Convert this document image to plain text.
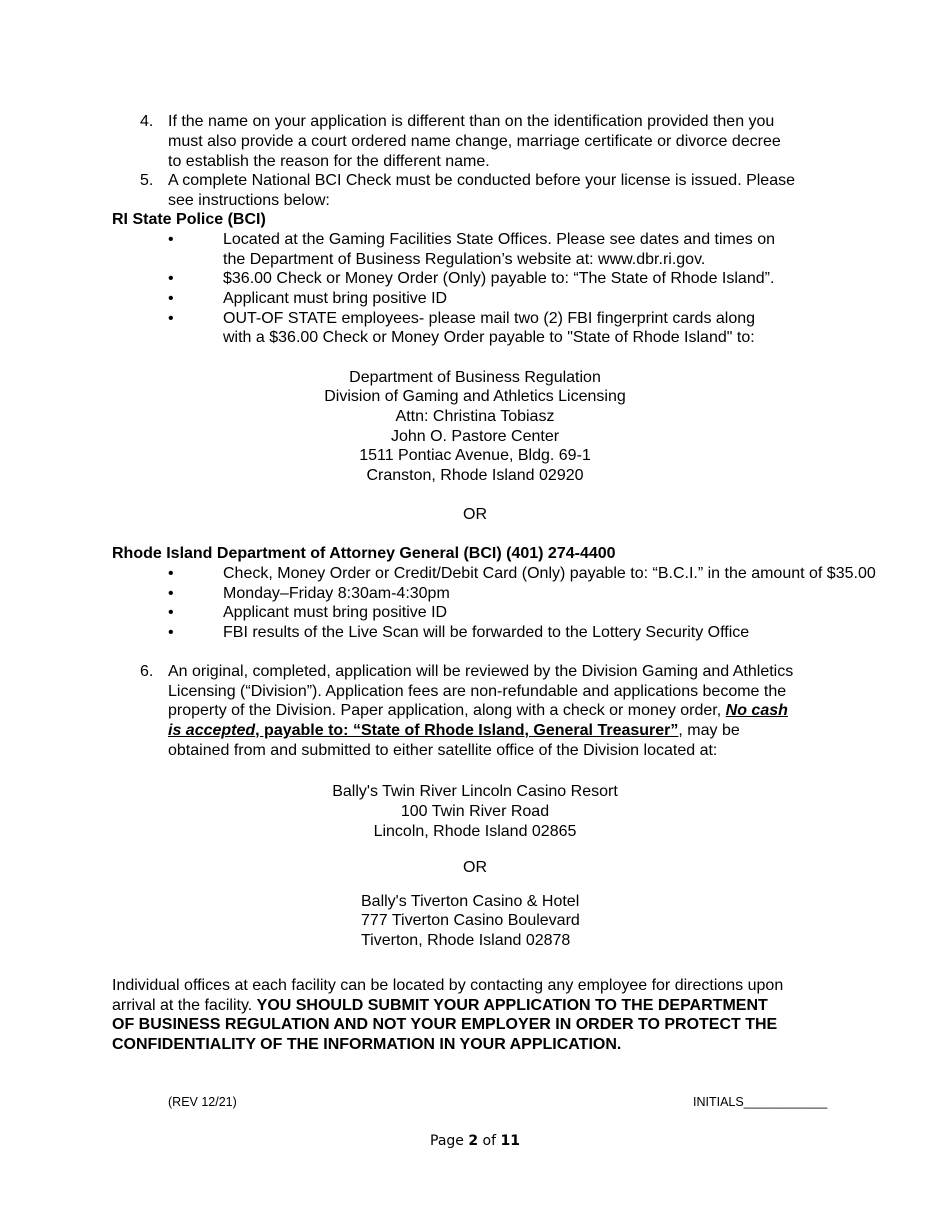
4. If the name on your application is different than on the identification provided then you
must also provide a court ordered name change, marriage certificate or divorce decree
to establish the reason for the different name.
5. A complete National BCI Check must be conducted before your license is issued. Please
see instructions below:
RI State Police (BCI)
•	Located at the Gaming Facilities State Offices. Please see dates and times on
the Department of Business Regulation’s website at: www.dbr.ri.gov.
•	$36.00 Check or Money Order (Only) payable to: “The State of Rhode Island”.
•	Applicant must bring positive ID
•	OUT-OF STATE employees- please mail two (2) FBI fingerprint cards along
with a $36.00 Check or Money Order payable to "State of Rhode Island" to:
Department of Business Regulation
Division of Gaming and Athletics Licensing
Attn: Christina Tobiasz
John O. Pastore Center
1511 Pontiac Avenue, Bldg. 69-1
Cranston, Rhode Island 02920
OR
Rhode Island Department of Attorney General (BCI) (401) 274-4400
•	Check, Money Order or Credit/Debit Card (Only) payable to: “B.C.I.” in the amount of $35.00
•	Monday–Friday 8:30am-4:30pm
•	Applicant must bring positive ID
•	FBI results of the Live Scan will be forwarded to the Lottery Security Office
6. An original, completed, application will be reviewed by the Division Gaming and Athletics
Licensing (“Division”). Application fees are non-refundable and applications become the
property of the Division. Paper application, along with a check or money order, No cash
is accepted, payable to: “State of Rhode Island, General Treasurer”, may be
obtained from and submitted to either satellite office of the Division located at:
Bally's Twin River Lincoln Casino Resort
100 Twin River Road
Lincoln, Rhode Island 02865
OR
Bally's Tiverton Casino & Hotel
777 Tiverton Casino Boulevard
Tiverton, Rhode Island 02878
Individual offices at each facility can be located by contacting any employee for directions upon
arrival at the facility. YOU SHOULD SUBMIT YOUR APPLICATION TO THE DEPARTMENT
OF BUSINESS REGULATION AND NOT YOUR EMPLOYER IN ORDER TO PROTECT THE
CONFIDENTIALITY OF THE INFORMATION IN YOUR APPLICATION.
(REV 12/21)	INITIALS____________
Page 2 of 11
